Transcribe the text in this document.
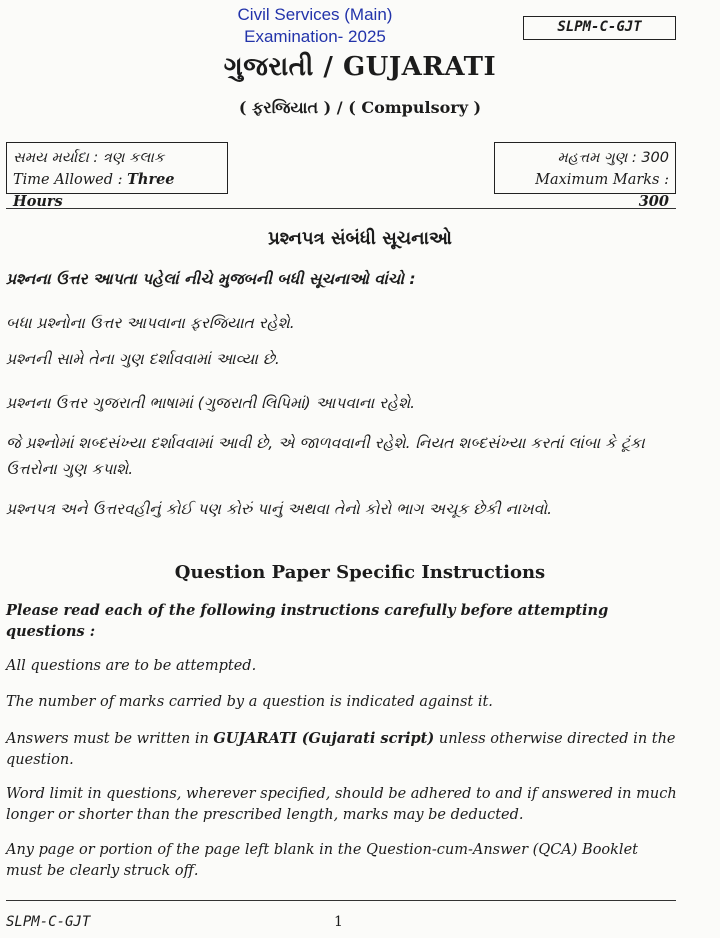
Civil Services (Main)
Examination- 2025	SLPM-C-GJT
ગુજરાતી / GUJARATI
( ફરજિયાત ) / ( Compulsory )
સમય મર્યાદા : ત્રણ કલાક
Time Allowed : Three Hours
મહત્તમ ગુણ : 300
Maximum Marks : 300
પ્રશ્નપત્ર સંબંધી સૂચનાઓ
પ્રશ્નના ઉત્તર આપતા પહેલાં નીચે મુજબની બધી સૂચનાઓ વાંચો :
બધા પ્રશ્નોના ઉત્તર આપવાના ફરજિયાત રહેશે.
પ્રશ્નની સામે તેના ગુણ દર્શાવવામાં આવ્યા છે.
પ્રશ્નના ઉત્તર ગુજરાતી ભાષામાં (ગુજરાતી લિપિમાં) આપવાના રહેશે.
જે પ્રશ્નોમાં શબ્દસંખ્યા દર્શાવવામાં આવી છે, એ જાળવવાની રહેશે. નિયત શબ્દસંખ્યા કરતાં લાંબા કે ટૂંકા ઉત્તરોના ગુણ કપાશે.
પ્રશ્નપત્ર અને ઉત્તરવહીનું કોઈ પણ કોરું પાનું અથવા તેનો કોરો ભાગ અચૂક છેકી નાખવો.
Question Paper Specific Instructions
Please read each of the following instructions carefully before attempting questions :
All questions are to be attempted.
The number of marks carried by a question is indicated against it.
Answers must be written in GUJARATI (Gujarati script) unless otherwise directed in the question.
Word limit in questions, wherever specified, should be adhered to and if answered in much longer or shorter than the prescribed length, marks may be deducted.
Any page or portion of the page left blank in the Question-cum-Answer (QCA) Booklet must be clearly struck off.
SLPM-C-GJT	1
